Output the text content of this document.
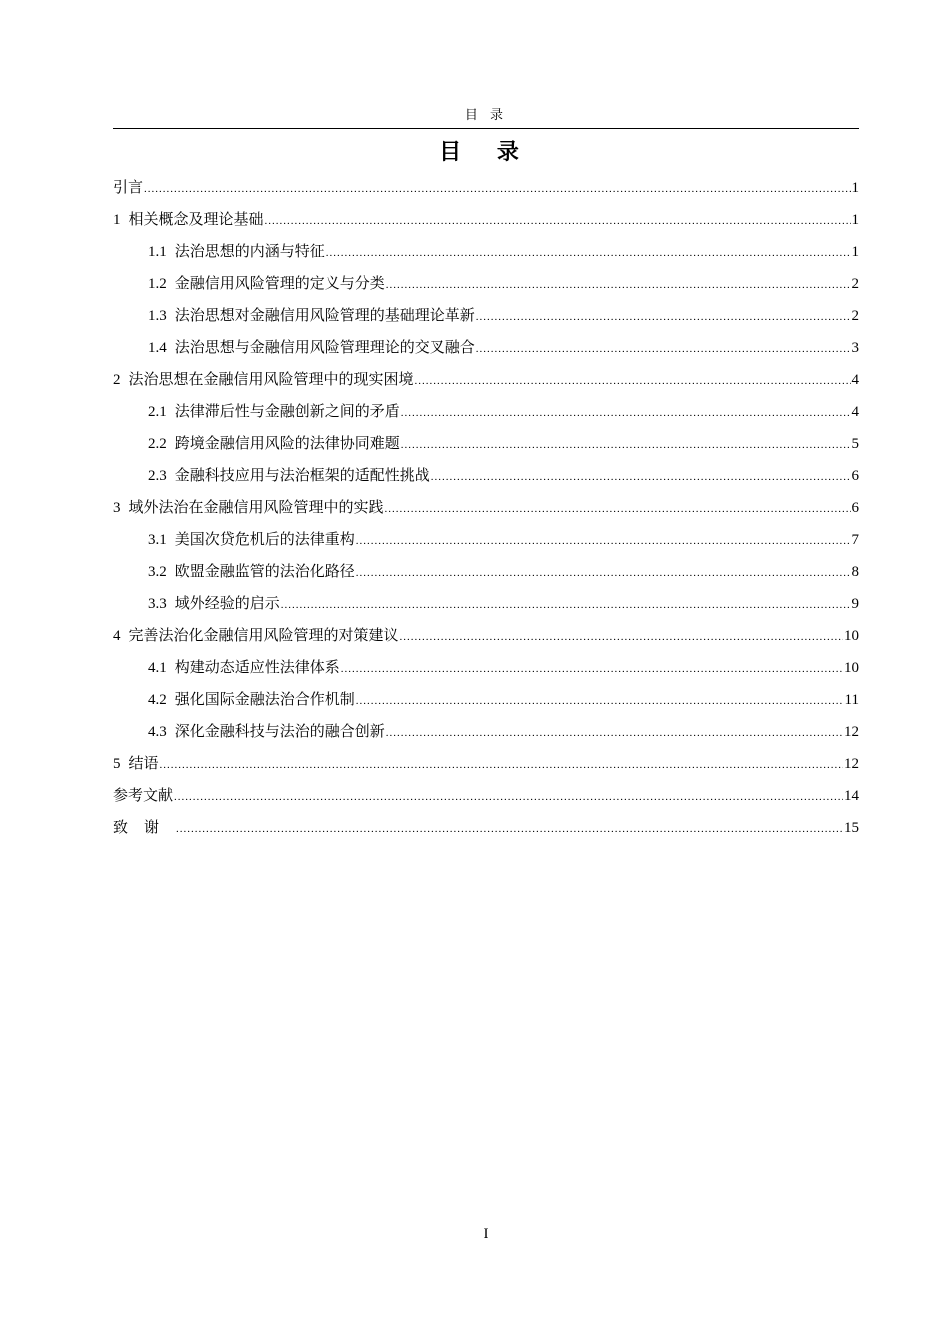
目 录
目 录
引言 .....	1
1 相关概念及理论基础 .....	1
1.1 法治思想的内涵与特征 .....	1
1.2 金融信用风险管理的定义与分类 .....	2
1.3 法治思想对金融信用风险管理的基础理论革新 .....	2
1.4 法治思想与金融信用风险管理理论的交叉融合 .....	3
2 法治思想在金融信用风险管理中的现实困境 .....	4
2.1 法律滞后性与金融创新之间的矛盾 .....	4
2.2 跨境金融信用风险的法律协同难题 .....	5
2.3 金融科技应用与法治框架的适配性挑战 .....	6
3 域外法治在金融信用风险管理中的实践 .....	6
3.1 美国次贷危机后的法律重构 .....	7
3.2 欧盟金融监管的法治化路径 .....	8
3.3 域外经验的启示 .....	9
4 完善法治化金融信用风险管理的对策建议 .....	10
4.1 构建动态适应性法律体系 .....	10
4.2 强化国际金融法治合作机制 .....	11
4.3 深化金融科技与法治的融合创新 .....	12
5 结语 .....	12
参考文献 .....	14
致谢 .....	15
I
